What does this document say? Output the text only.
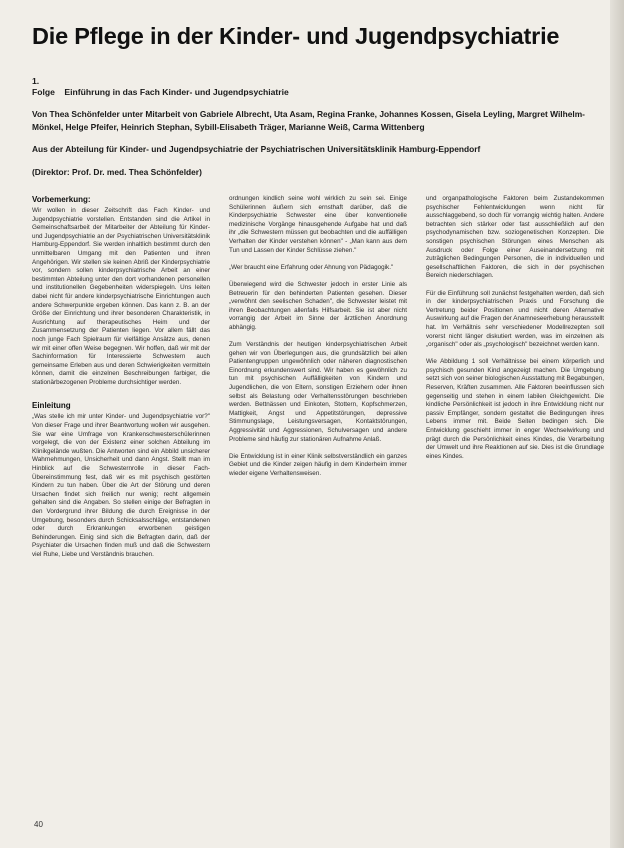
Die Pflege in der Kinder- und Jugendpsychiatrie
1. Folge Einführung in das Fach Kinder- und Jugendpsychiatrie
Von Thea Schönfelder unter Mitarbeit von Gabriele Albrecht, Uta Asam, Regina Franke, Johannes Kossen, Gisela Leyling, Margret Wilhelm-Mönkel, Helge Pfeifer, Heinrich Stephan, Sybill-Elisabeth Träger, Marianne Weiß, Carma Wittenberg
Aus der Abteilung für Kinder- und Jugendpsychiatrie der Psychiatrischen Universitätsklinik Hamburg-Eppendorf
(Direktor: Prof. Dr. med. Thea Schönfelder)
Vorbemerkung:

Wir wollen in dieser Zeitschrift das Fach Kinder- und Jugendpsychiatrie vorstellen. Entstanden sind die Artikel in Gemeinschaftsarbeit der Mitarbeiter der Abteilung für Kinder- und Jugendpsychiatrie an der Psychiatrischen Universitätsklinik Hamburg-Eppendorf. Sie werden inhaltlich bestimmt durch den unmittelbaren Umgang mit den Patienten und ihren Angehörigen. Wir stellen sie keinen Abriß der Kinderpsychiatrie vor, sondern sollen kinderpsychiatrische Arbeit an einer bestimmten Abteilung unter den dort vorhandenen personellen und institutionellen Gegebenheiten widerspiegeln. Uns leiten dabei nicht für andere kinderpsychiatrische Einrichtungen auch andere Schwerpunkte ergeben können. Das kann z. B. an der Größe der Einrichtung und ihrer besonderen Charakteristik, in Ausrichtung auf therapeutisches Heim und der Zusammensetzung der Patienten liegen. Vor allem fällt das noch junge Fach Spielraum für vielfältige Ansätze aus, denen wir mit einer offen Weise begegnen. Wir hoffen, daß wir mit der Sachinformation für Interessierte Schwestern auch gemeinsame Erleben aus und deren Schwierigkeiten vermitteln können, damit die einzelnen Beschreibungen farbiger, die stationärbezogenen Probleme durchsichtiger werden.

Einleitung

„Was stelle ich mir unter Kinder- und Jugendpsychiatrie vor?" Von dieser Frage und ihrer Beantwortung wollen wir ausgehen. Sie war eine Umfrage von Krankenschwesterschülerinnen vorgelegt, die von der Existenz einer solchen Abteilung im Klinikgelände wußten. Die Antworten sind ein Abbild unsicherer Wahrnehmungen, Unsicherheit und dann Angst. Stellt man im Hinblick auf die Schwesternrolle in dieser Fach-Übereinstimmung fest, daß wir es mit psychisch gestörten Kindern zu tun haben. Über die Art der Störung und deren Ursachen findet sich freilich nur wenig; recht allgemein gehalten sind die Angaben. So stellen einige der Befragten in den Vordergrund ihrer Bildung die durch Ereignisse in der Umgebung, besonders durch Schicksalsschläge, entstandenen oder durch Erkrankungen erworbenen geistigen Behinderungen. Einig sind sich die Befragten darin, daß der Psychiater die Ursachen finden muß und daß die Schwestern viel Ruhe, Liebe und Verständnis brauchen.

ordnungen kindlich seine wohl wirklich zu sein sei. Einige Schülerinnen äußern sich ernsthaft darüber, daß die Kinderpsychiatrie Schwester eine über konventionelle medizinische Vorgänge hinausgehende Aufgabe hat und daß ihr „die Schwestern müssen gut beobachten und die auffälligen Verhalten der Kinder verstehen können" - „Man kann aus dem Tun und Lassen der Kinder Schlüsse ziehen."

„Wer braucht eine Erfahrung oder Ahnung von Pädagogik."

Überwiegend wird die Schwester jedoch in erster Linie als Betreuerin für den behinderten Patienten gesehen. Dieser „verwöhnt den seelischen Schaden", die Schwester leistet mit ihren Beobachtungen allenfalls Hilfsarbeit. Sie ist aber nicht vorrangig der Arbeit im Sinne der ärztlichen Anordnung abhängig.

Zum Verständnis der heutigen kinderpsychiatrischen Arbeit gehen wir von Überlegungen aus, die grundsätzlich bei allen Patientengruppen ungewöhnlich oder näheren diagnostischen Einordnung erkundenswert sind. Wir haben es gewöhnlich zu tun mit psychischen Auffälligkeiten von Kindern und Jugendlichen, die von Eltern, sonstigen Erziehern oder ihnen selbst als Belastung oder Verhaltensstörungen beschrieben werden. Bettnässen und Einkoten, Stottern, Kopfschmerzen, Mattigkeit, Angst und Appetitstörungen, depressive Stimmungslage, Leistungsversagen, Kontaktstörungen, Aggressivität und Aggressionen, Schulversagen und andere Probleme sind häufig zur stationären Aufnahme Anlaß.

Die Entwicklung ist in einer Klinik selbstverständlich ein ganzes Gebiet und die Kinder zeigen häufig in dem Kinderheim immer wieder eigene Verhaltensweisen.

und organpathologische Faktoren beim Zustandekommen psychischer Fehlentwicklungen wenn nicht für ausschlaggebend, so doch für vorrangig wichtig halten. Andere betrachten sich stärker oder fast ausschließlich auf den psychodynamischen bzw. soziogenetischen Konzepten. Die sonstigen psychischen Störungen eines Menschen als Ausdruck oder Folge einer Auseinandersetzung mit zuträglichen Bedingungen Personen, die in individuellen und gesellschaftlichen Faktoren, die sich in der psychischen Bereich niederschlagen.

Für die Einführung soll zunächst festgehalten werden, daß sich in der kinderpsychiatrischen Praxis und Forschung die Vertretung beider Positionen und nicht deren Alternative Auswirkung auf die Fragen der Anamneseerhebung herausstellt hat. Im Verhältnis sehr verschiedener Modellrezepten soll vorerst nicht länger diskutiert werden, was im einzelnen als „organisch" oder als „psychologisch" bezeichnet werden kann.

Wie Abbildung 1 soll Verhältnisse bei einem körperlich und psychisch gesunden Kind angezeigt machen. Die Umgebung setzt sich von seiner biologischen Ausstattung mit Begabungen, Reserven, Kräften zusammen. Alle Faktoren beeinflussen sich gegenseitig und stehen in einem labilen Gleichgewicht. Die kindliche Persönlichkeit ist jedoch in ihre Entwicklung nicht nur passiv Empfänger, sondern gestaltet die Bedingungen ihres Lebens immer mit. Beide Seiten bedingen sich. Die Entwicklung geschieht immer in enger Wechselwirkung und prägt durch die Persönlichkeit eines Kindes, die Verarbeitung der Umwelt und ihre Reaktionen auf sie. Dies ist die Grundlage eines Kindes.

40
